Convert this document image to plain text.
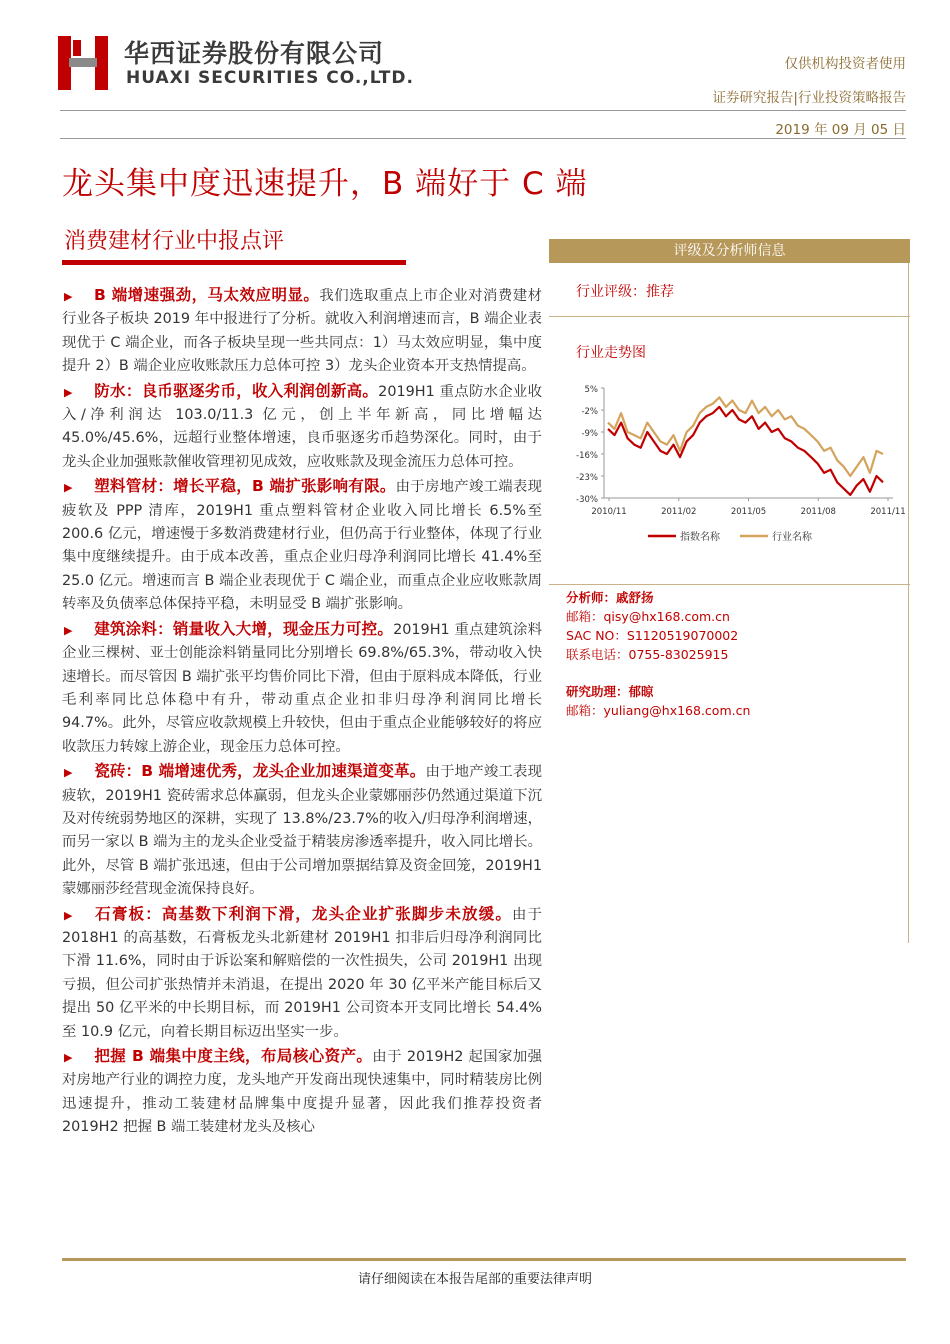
华西证券股份有限公司
HUAXI SECURITIES CO.,LTD.
仅供机构投资者使用
证券研究报告|行业投资策略报告
2019 年 09 月 05 日
龙头集中度迅速提升，B 端好于 C 端
消费建材行业中报点评

▶ B 端增速强劲，马太效应明显。我们选取重点上市企业对消费建材行业各子板块 2019 年中报进行了分析。就收入利润增速而言，B 端企业表现优于 C 端企业，而各子板块呈现一些共同点：1）马太效应明显，集中度提升 2）B 端企业应收账款压力总体可控 3）龙头企业资本开支热情提高。

▶ 防水：良币驱逐劣币，收入利润创新高。2019H1 重点防水企业收入/净利润达 103.0/11.3 亿元，创上半年新高，同比增幅达 45.0%/45.6%，远超行业整体增速，良币驱逐劣币趋势深化。同时，由于龙头企业加强账款催收管理初见成效，应收账款及现金流压力总体可控。

▶ 塑料管材：增长平稳，B 端扩张影响有限。由于房地产竣工端表现疲软及 PPP 清库，2019H1 重点塑料管材企业收入同比增长 6.5%至 200.6 亿元，增速慢于多数消费建材行业，但仍高于行业整体，体现了行业集中度继续提升。由于成本改善，重点企业归母净利润同比增长 41.4%至 25.0 亿元。增速而言 B 端企业表现优于 C 端企业，而重点企业应收账款周转率及负债率总体保持平稳，未明显受 B 端扩张影响。

▶ 建筑涂料：销量收入大增，现金压力可控。2019H1 重点建筑涂料企业三棵树、亚士创能涂料销量同比分别增长 69.8%/65.3%，带动收入快速增长。而尽管因 B 端扩张平均售价同比下滑，但由于原料成本降低，行业毛利率同比总体稳中有升，带动重点企业扣非归母净利润同比增长 94.7%。此外，尽管应收款规模上升较快，但由于重点企业能够较好的将应收款压力转嫁上游企业，现金压力总体可控。

▶ 瓷砖：B 端增速优秀，龙头企业加速渠道变革。由于地产竣工表现疲软，2019H1 瓷砖需求总体赢弱，但龙头企业蒙娜丽莎仍然通过渠道下沉及对传统弱势地区的深耕，实现了 13.8%/23.7%的收入/归母净利润增速，而另一家以 B 端为主的龙头企业受益于精装房渗透率提升，收入同比增长。此外，尽管 B 端扩张迅速，但由于公司增加票据结算及资金回笼，2019H1 蒙娜丽莎经营现金流保持良好。

▶ 石膏板：高基数下利润下滑，龙头企业扩张脚步未放缓。由于 2018H1 的高基数，石膏板龙头北新建材 2019H1 扣非后归母净利润同比下滑 11.6%，同时由于诉讼案和解赔偿的一次性损失，公司 2019H1 出现亏损，但公司扩张热情并未消退，在提出 2020 年 30 亿平米产能目标后又提出 50 亿平米的中长期目标，而 2019H1 公司资本开支同比增长 54.4%至 10.9 亿元，向着长期目标迈出坚实一步。

▶ 把握 B 端集中度主线，布局核心资产。由于 2019H2 起国家加强对房地产行业的调控力度，龙头地产开发商出现快速集中，同时精装房比例迅速提升，推动工装建材品牌集中度提升显著，因此我们推荐投资者 2019H2 把握 B 端工装建材龙头及核心

评级及分析师信息
行业评级：推荐
行业走势图
5%
-2%
-9%
-16%
-23%
-30%
2010/11	2011/02	2011/05	2011/08	2011/11
指数名称	行业名称
分析师：戚舒扬
邮箱：qisy@hx168.com.cn
SAC NO：S1120519070002
联系电话：0755-83025915
研究助理：郁晾
邮箱：yuliang@hx168.com.cn
请仔细阅读在本报告尾部的重要法律声明
